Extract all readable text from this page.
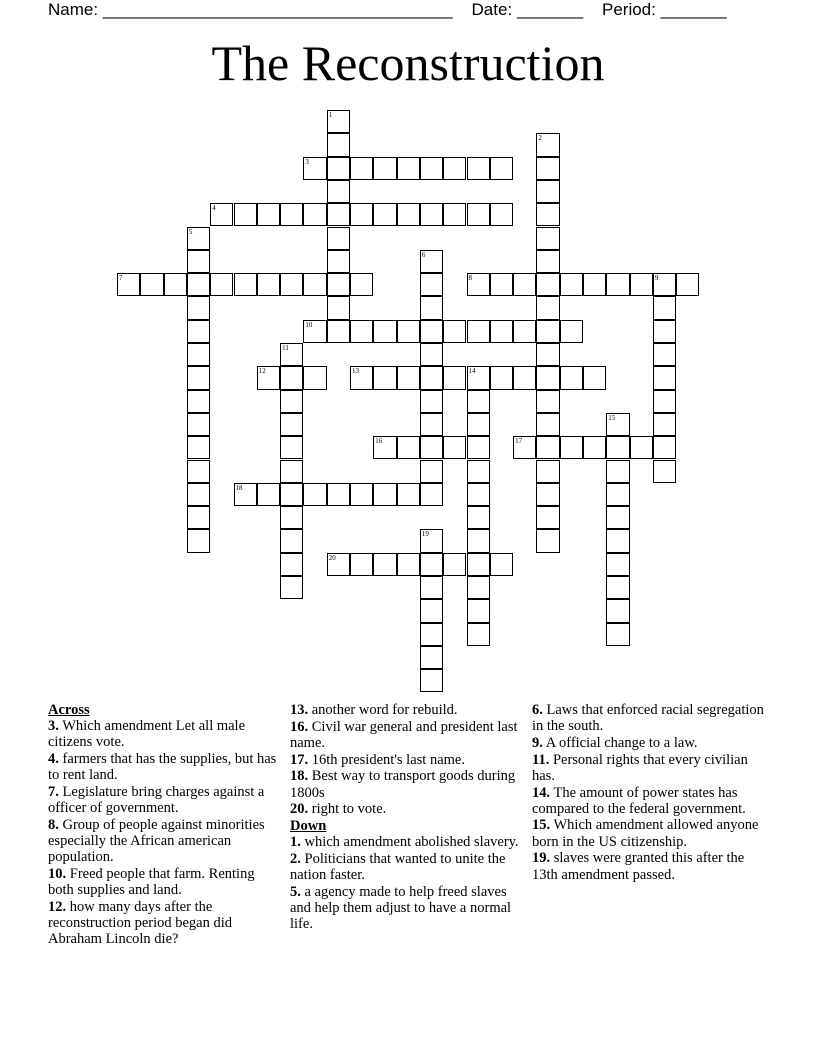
Name: _____________________________________ Date: _______ Period: _______
The Reconstruction
3
4
7	8	9
10
12	13	14
16	17
18
20
1
2
5
6
11
15
19
Across
3. Which amendment Let all male citizens vote.
4. farmers that has the supplies, but has to rent land.
7. Legislature bring charges against a officer of government.
8. Group of people against minorities especially the African american population.
10. Freed people that farm. Renting both supplies and land.
12. how many days after the reconstruction period began did Abraham Lincoln die?
13. another word for rebuild.
16. Civil war general and president last name.
17. 16th president's last name.
18. Best way to transport goods during 1800s
20. right to vote.
Down
1. which amendment abolished slavery.
2. Politicians that wanted to unite the nation faster.
5. a agency made to help freed slaves and help them adjust to have a normal life.
6. Laws that enforced racial segregation in the south.
9. A official change to a law.
11. Personal rights that every civilian has.
14. The amount of power states has compared to the federal government.
15. Which amendment allowed anyone born in the US citizenship.
19. slaves were granted this after the 13th amendment passed.
